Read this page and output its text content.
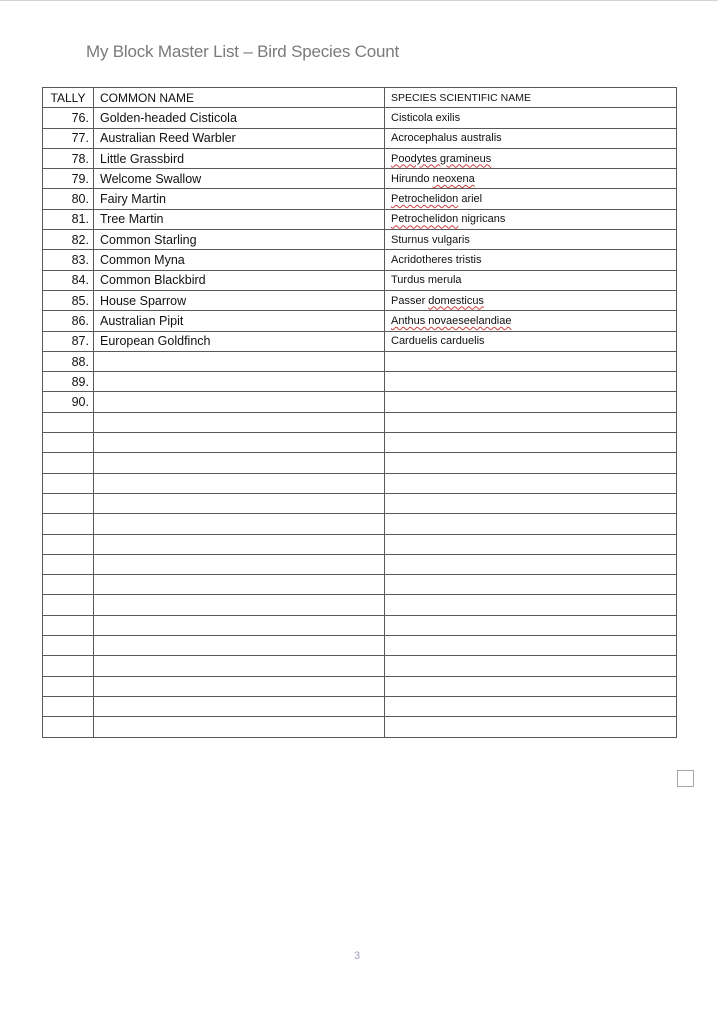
My Block Master List – Bird Species Count
TALLY	COMMON NAME	SPECIES SCIENTIFIC NAME
76.	Golden-headed Cisticola	Cisticola exilis
77.	Australian Reed Warbler	Acrocephalus australis
78.	Little Grassbird	Poodytes gramineus
79.	Welcome Swallow	Hirundo neoxena
80.	Fairy Martin	Petrochelidon ariel
81.	Tree Martin	Petrochelidon nigricans
82.	Common Starling	Sturnus vulgaris
83.	Common Myna	Acridotheres tristis
84.	Common Blackbird	Turdus merula
85.	House Sparrow	Passer domesticus
86.	Australian Pipit	Anthus novaeseelandiae
87.	European Goldfinch	Carduelis carduelis
88.		
89.		
90.		

3
